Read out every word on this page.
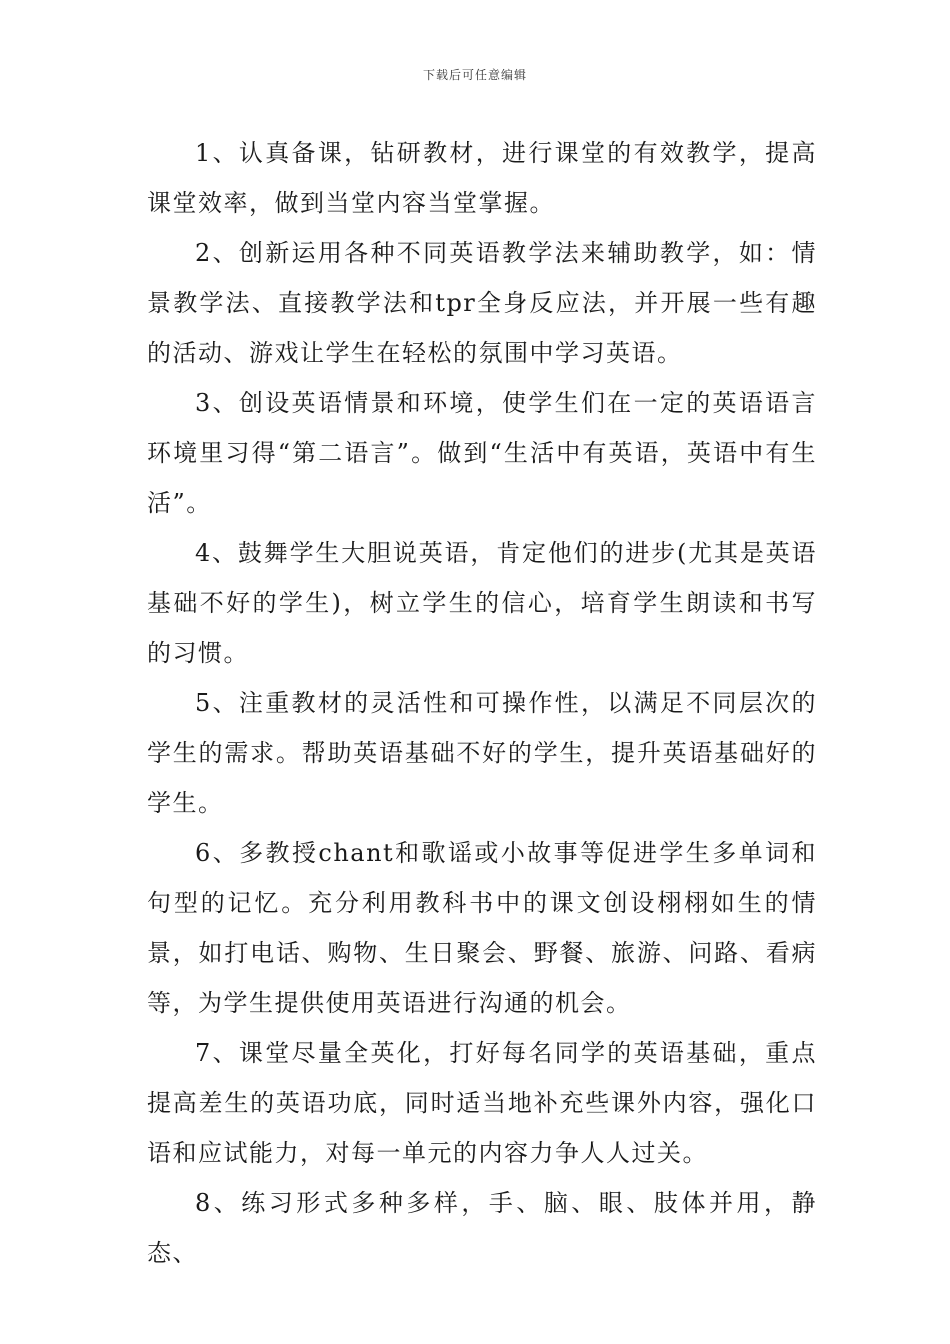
下载后可任意编辑

1、认真备课，钻研教材，进行课堂的有效教学，提高课堂效率，做到当堂内容当堂掌握。

2、创新运用各种不同英语教学法来辅助教学，如：情景教学法、直接教学法和tpr全身反应法，并开展一些有趣的活动、游戏让学生在轻松的氛围中学习英语。

3、创设英语情景和环境，使学生们在一定的英语语言环境里习得“第二语言”。做到“生活中有英语，英语中有生活”。

4、鼓舞学生大胆说英语，肯定他们的进步(尤其是英语基础不好的学生)，树立学生的信心，培育学生朗读和书写的习惯。

5、注重教材的灵活性和可操作性，以满足不同层次的学生的需求。帮助英语基础不好的学生，提升英语基础好的学生。

6、多教授chant和歌谣或小故事等促进学生多单词和句型的记忆。充分利用教科书中的课文创设栩栩如生的情景，如打电话、购物、生日聚会、野餐、旅游、问路、看病等，为学生提供使用英语进行沟通的机会。

7、课堂尽量全英化，打好每名同学的英语基础，重点提高差生的英语功底，同时适当地补充些课外内容，强化口语和应试能力，对每一单元的内容力争人人过关。

8、练习形式多种多样，手、脑、眼、肢体并用，静态、
